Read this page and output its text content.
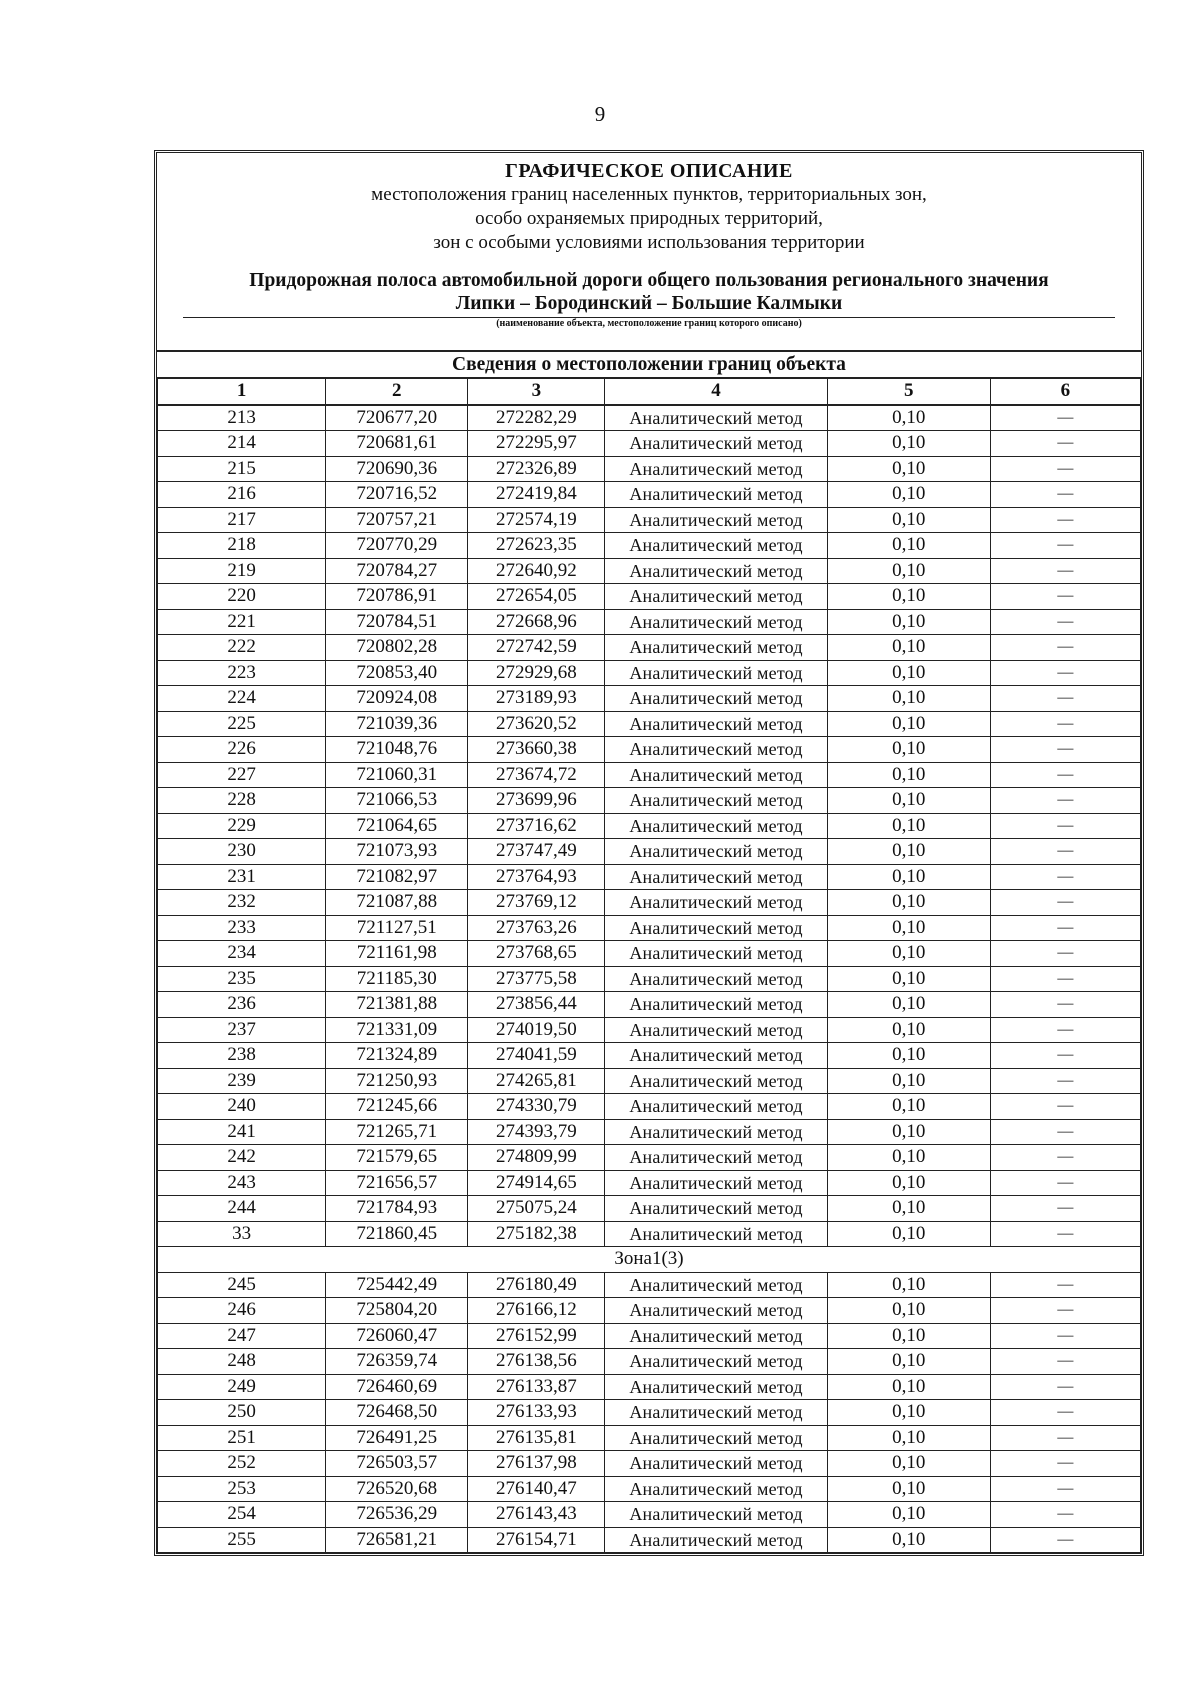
9
ГРАФИЧЕСКОЕ ОПИСАНИЕ
местоположения границ населенных пунктов, территориальных зон,
особо охраняемых природных территорий,
зон с особыми условиями использования территории
Придорожная полоса автомобильной дороги общего пользования регионального значения
Липки – Бородинский – Большие Калмыки
(наименование объекта, местоположение границ которого описано)
Сведения о местоположении границ объекта
1	2	3	4	5	6
213	720677,20	272282,29	Аналитический метод	0,10	—
214	720681,61	272295,97	Аналитический метод	0,10	—
215	720690,36	272326,89	Аналитический метод	0,10	—
216	720716,52	272419,84	Аналитический метод	0,10	—
217	720757,21	272574,19	Аналитический метод	0,10	—
218	720770,29	272623,35	Аналитический метод	0,10	—
219	720784,27	272640,92	Аналитический метод	0,10	—
220	720786,91	272654,05	Аналитический метод	0,10	—
221	720784,51	272668,96	Аналитический метод	0,10	—
222	720802,28	272742,59	Аналитический метод	0,10	—
223	720853,40	272929,68	Аналитический метод	0,10	—
224	720924,08	273189,93	Аналитический метод	0,10	—
225	721039,36	273620,52	Аналитический метод	0,10	—
226	721048,76	273660,38	Аналитический метод	0,10	—
227	721060,31	273674,72	Аналитический метод	0,10	—
228	721066,53	273699,96	Аналитический метод	0,10	—
229	721064,65	273716,62	Аналитический метод	0,10	—
230	721073,93	273747,49	Аналитический метод	0,10	—
231	721082,97	273764,93	Аналитический метод	0,10	—
232	721087,88	273769,12	Аналитический метод	0,10	—
233	721127,51	273763,26	Аналитический метод	0,10	—
234	721161,98	273768,65	Аналитический метод	0,10	—
235	721185,30	273775,58	Аналитический метод	0,10	—
236	721381,88	273856,44	Аналитический метод	0,10	—
237	721331,09	274019,50	Аналитический метод	0,10	—
238	721324,89	274041,59	Аналитический метод	0,10	—
239	721250,93	274265,81	Аналитический метод	0,10	—
240	721245,66	274330,79	Аналитический метод	0,10	—
241	721265,71	274393,79	Аналитический метод	0,10	—
242	721579,65	274809,99	Аналитический метод	0,10	—
243	721656,57	274914,65	Аналитический метод	0,10	—
244	721784,93	275075,24	Аналитический метод	0,10	—
33	721860,45	275182,38	Аналитический метод	0,10	—
Зона1(3)					
245	725442,49	276180,49	Аналитический метод	0,10	—
246	725804,20	276166,12	Аналитический метод	0,10	—
247	726060,47	276152,99	Аналитический метод	0,10	—
248	726359,74	276138,56	Аналитический метод	0,10	—
249	726460,69	276133,87	Аналитический метод	0,10	—
250	726468,50	276133,93	Аналитический метод	0,10	—
251	726491,25	276135,81	Аналитический метод	0,10	—
252	726503,57	276137,98	Аналитический метод	0,10	—
253	726520,68	276140,47	Аналитический метод	0,10	—
254	726536,29	276143,43	Аналитический метод	0,10	—
255	726581,21	276154,71	Аналитический метод	0,10	—
